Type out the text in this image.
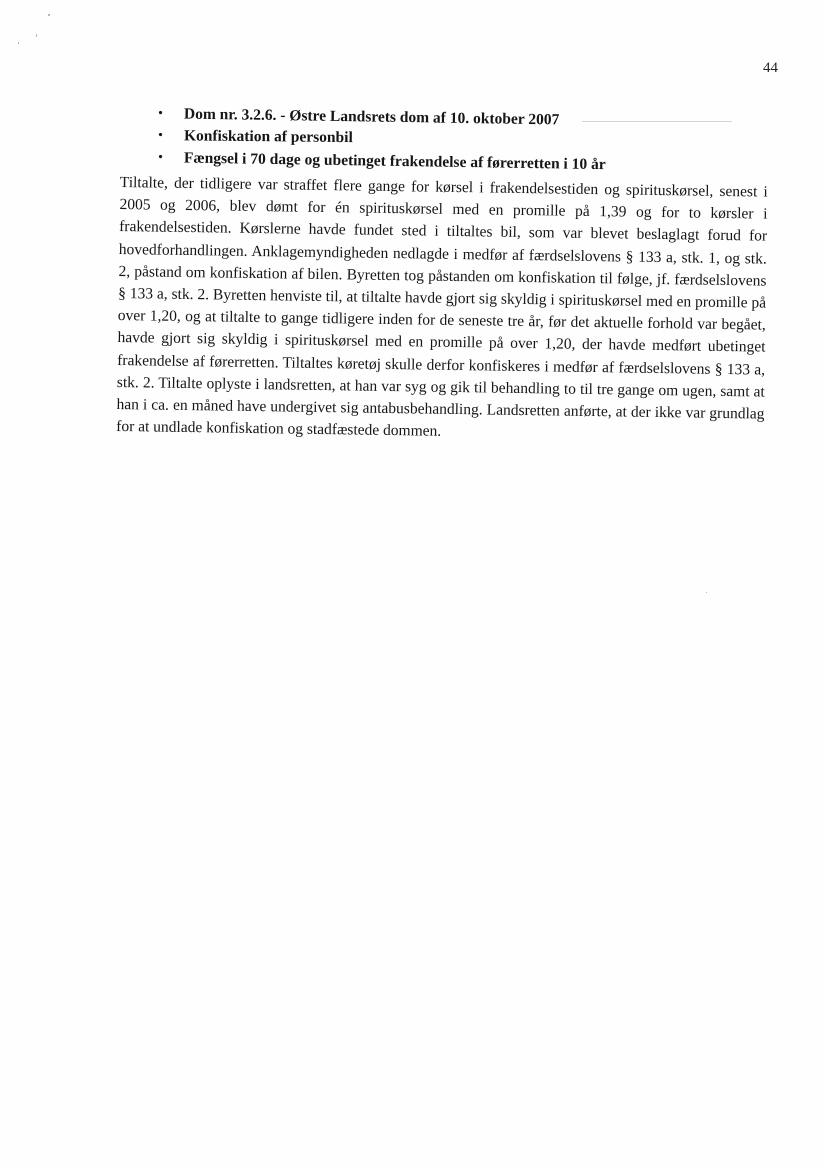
44
• Dom nr. 3.2.6. - Østre Landsrets dom af 10. oktober 2007
• Konfiskation af personbil
• Fængsel i 70 dage og ubetinget frakendelse af førerretten i 10 år

Tiltalte, der tidligere var straffet flere gange for kørsel i frakendelsestiden og spirituskørsel, senest i 2005 og 2006, blev dømt for én spirituskørsel med en promille på 1,39 og for to kørsler i frakendelsestiden. Kørslerne havde fundet sted i tiltaltes bil, som var blevet beslaglagt forud for hovedforhandlingen. Anklagemyndigheden nedlagde i medfør af færdselslovens § 133 a, stk. 1, og stk. 2, påstand om konfiskation af bilen. Byretten tog påstanden om konfiskation til følge, jf. færdselslovens § 133 a, stk. 2. Byretten henviste til, at tiltalte havde gjort sig skyldig i spirituskørsel med en promille på over 1,20, og at tiltalte to gange tidligere inden for de seneste tre år, før det aktuelle forhold var begået, havde gjort sig skyldig i spirituskørsel med en promille på over 1,20, der havde medført ubetinget frakendelse af førerretten. Tiltaltes køretøj skulle derfor konfiskeres i medfør af færdselslovens § 133 a, stk. 2. Tiltalte oplyste i landsretten, at han var syg og gik til behandling to til tre gange om ugen, samt at han i ca. en måned have undergivet sig antabusbehandling. Landsretten anførte, at der ikke var grundlag for at undlade konfiskation og stadfæstede dommen.
